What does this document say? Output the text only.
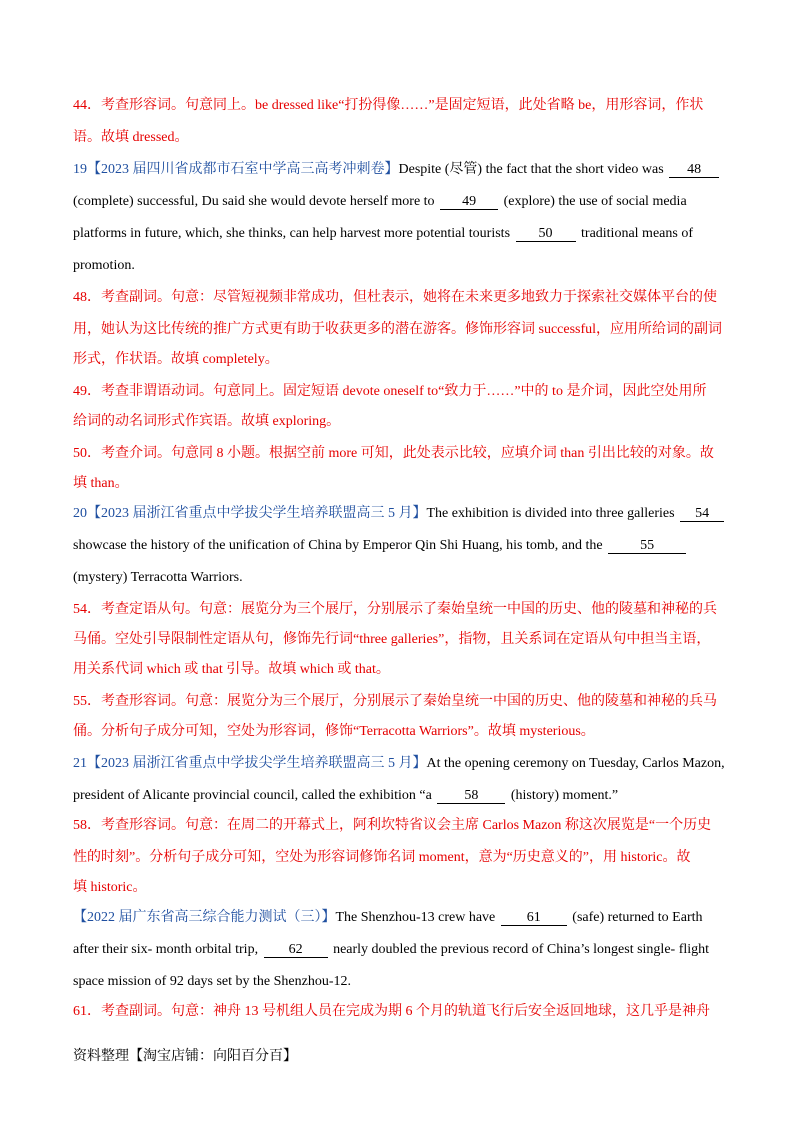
44．考查形容词。句意同上。be dressed like“打扮得像……”是固定短语，此处省略 be，用形容词，作状
语。故填 dressed。
19【2023 届四川省成都市石室中学高三高考冲刺卷】Despite (尽管) the fact that the short video was 48
(complete) successful, Du said she would devote herself more to 49 (explore) the use of social media
platforms in future, which, she thinks, can help harvest more potential tourists 50 traditional means of
promotion.
48．考查副词。句意：尽管短视频非常成功，但杜表示，她将在未来更多地致力于探索社交媒体平台的使
用，她认为这比传统的推广方式更有助于收获更多的潜在游客。修饰形容词 successful，应用所给词的副词
形式，作状语。故填 completely。
49．考查非谓语动词。句意同上。固定短语 devote oneself to“致力于……”中的 to 是介词，因此空处用所
给词的动名词形式作宾语。故填 exploring。
50．考查介词。句意同 8 小题。根据空前 more 可知，此处表示比较，应填介词 than 引出比较的对象。故
填 than。
20【2023 届浙江省重点中学拔尖学生培养联盟高三 5 月】The exhibition is divided into three galleries 54
showcase the history of the unification of China by Emperor Qin Shi Huang, his tomb, and the	55
(mystery) Terracotta Warriors.
54．考查定语从句。句意：展览分为三个展厅，分别展示了秦始皇统一中国的历史、他的陵墓和神秘的兵
马俑。空处引导限制性定语从句，修饰先行词“three galleries”，指物，且关系词在定语从句中担当主语，
用关系代词 which 或 that 引导。故填 which 或 that。
55．考查形容词。句意：展览分为三个展厅，分别展示了秦始皇统一中国的历史、他的陵墓和神秘的兵马
俑。分析句子成分可知，空处为形容词，修饰“Terracotta Warriors”。故填 mysterious。
21【2023 届浙江省重点中学拔尖学生培养联盟高三 5 月】At the opening ceremony on Tuesday, Carlos Mazon,
president of Alicante provincial council, called the exhibition “a 58 (history) moment.”
58．考查形容词。句意：在周二的开幕式上，阿利坎特省议会主席 Carlos Mazon 称这次展览是“一个历史
性的时刻”。分析句子成分可知，空处为形容词修饰名词 moment，意为“历史意义的”，用 historic。故
填 historic。
【2022 届广东省高三综合能力测试（三）】The Shenzhou-13 crew have 61 (safe) returned to Earth
after their six- month orbital trip, 62 nearly doubled the previous record of China’s longest single- flight
space mission of 92 days set by the Shenzhou-12.
61．考查副词。句意：神舟 13 号机组人员在完成为期 6 个月的轨道飞行后安全返回地球，这几乎是神舟
资料整理【淘宝店铺：向阳百分百】
